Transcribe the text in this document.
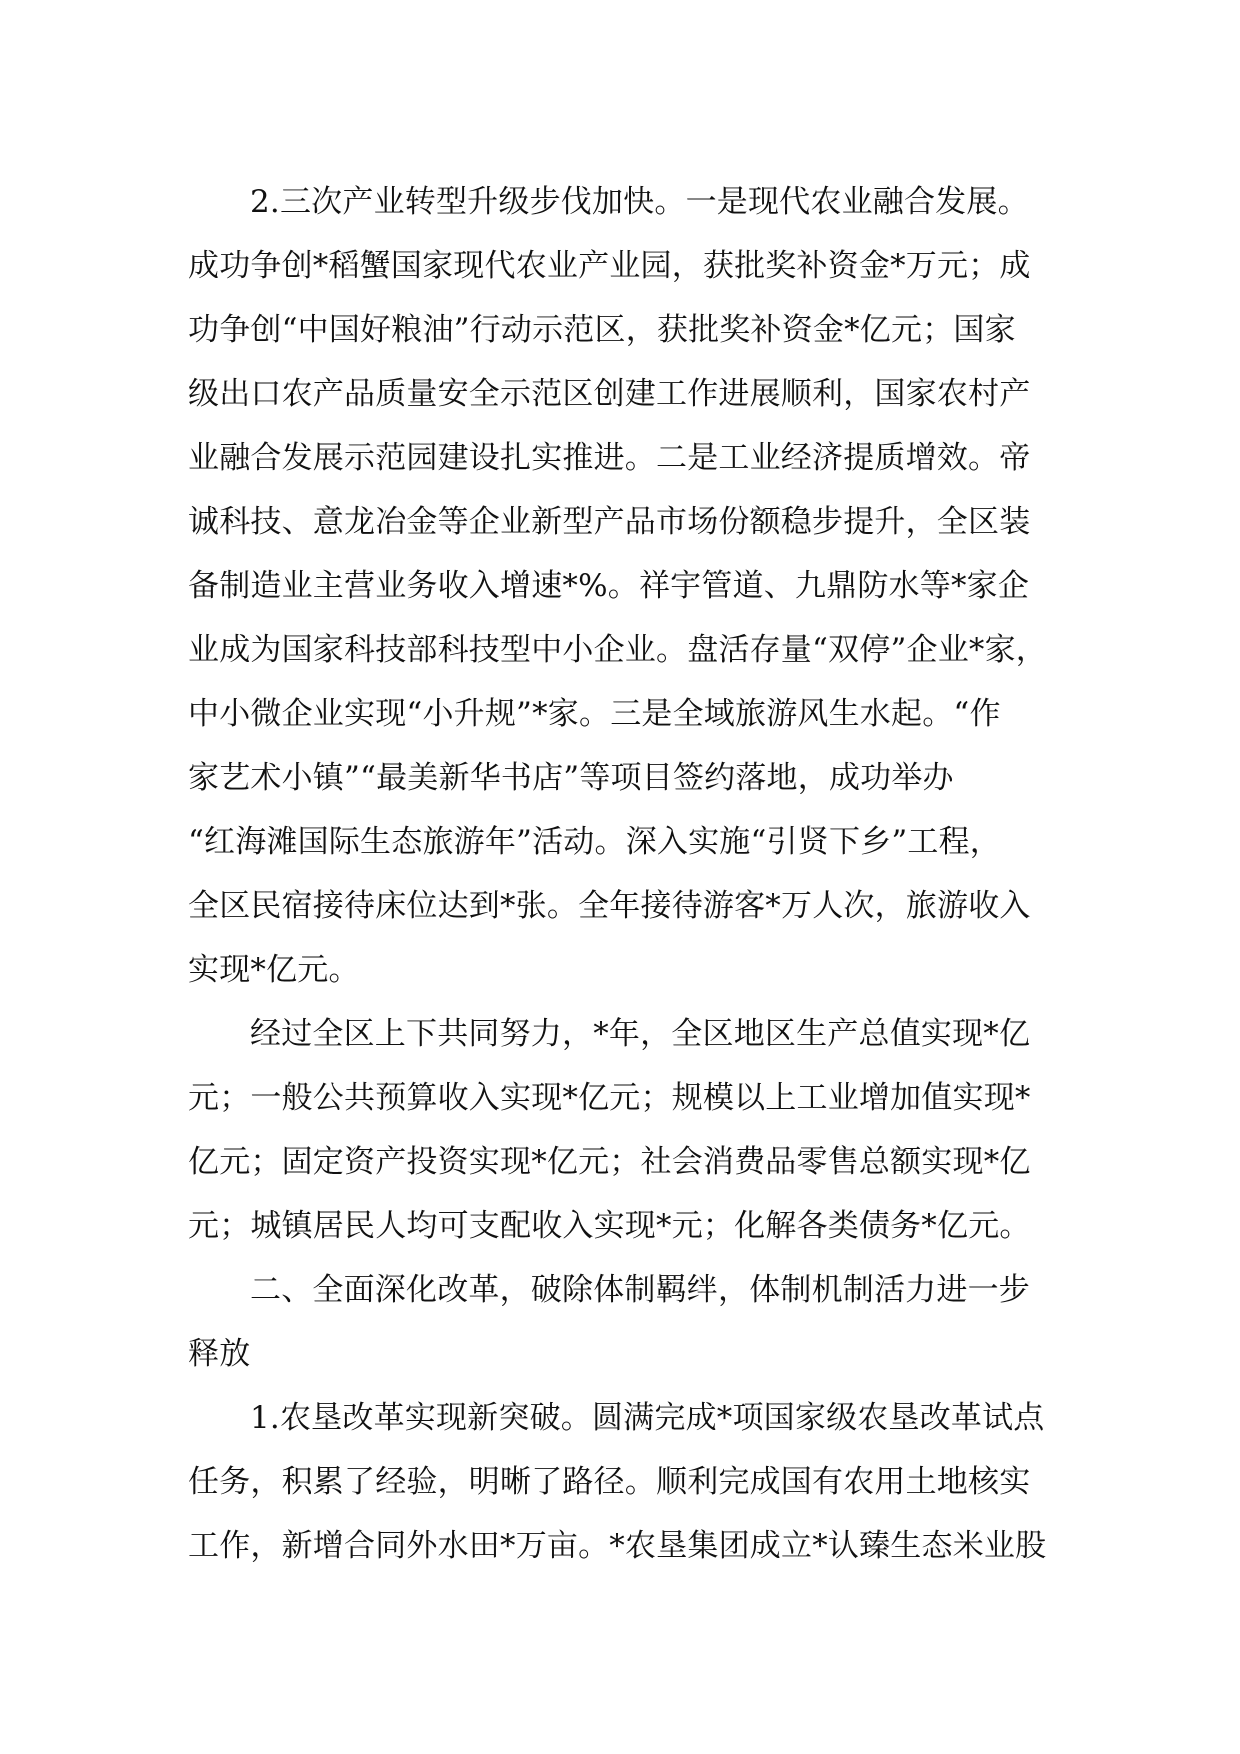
2.三次产业转型升级步伐加快。一是现代农业融合发展。
成功争创*稻蟹国家现代农业产业园，获批奖补资金*万元；成
功争创“中国好粮油”行动示范区，获批奖补资金*亿元；国家
级出口农产品质量安全示范区创建工作进展顺利，国家农村产
业融合发展示范园建设扎实推进。二是工业经济提质增效。帝
诚科技、意龙冶金等企业新型产品市场份额稳步提升，全区装
备制造业主营业务收入增速*%。祥宇管道、九鼎防水等*家企
业成为国家科技部科技型中小企业。盘活存量“双停”企业*家，
中小微企业实现“小升规”*家。三是全域旅游风生水起。“作
家艺术小镇”“最美新华书店”等项目签约落地，成功举办
“红海滩国际生态旅游年”活动。深入实施“引贤下乡”工程，
全区民宿接待床位达到*张。全年接待游客*万人次，旅游收入
实现*亿元。
经过全区上下共同努力，*年，全区地区生产总值实现*亿
元；一般公共预算收入实现*亿元；规模以上工业增加值实现*
亿元；固定资产投资实现*亿元；社会消费品零售总额实现*亿
元；城镇居民人均可支配收入实现*元；化解各类债务*亿元。
二、全面深化改革，破除体制羁绊，体制机制活力进一步
释放
1.农垦改革实现新突破。圆满完成*项国家级农垦改革试点
任务，积累了经验，明晰了路径。顺利完成国有农用土地核实
工作，新增合同外水田*万亩。*农垦集团成立*认臻生态米业股
